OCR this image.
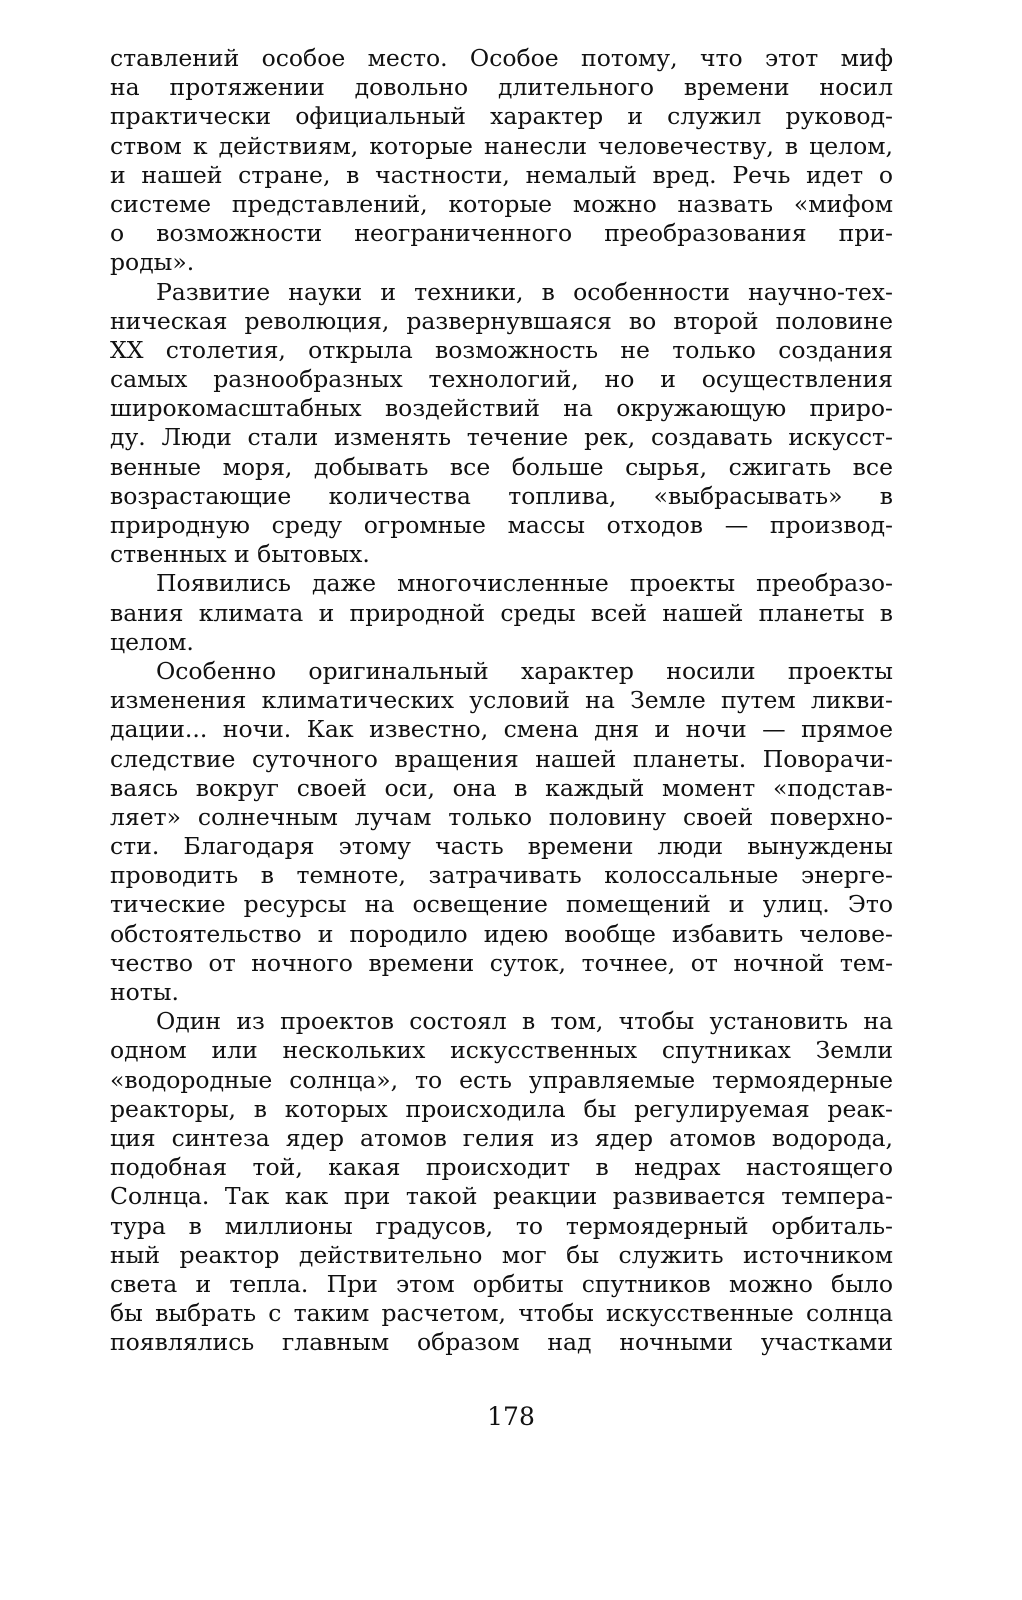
ставлений особое место. Особое потому, что этот миф
на протяжении довольно длительного времени носил
практически официальный характер и служил руковод-
ством к действиям, которые нанесли человечеству, в целом,
и нашей стране, в частности, немалый вред. Речь идет о
системе представлений, которые можно назвать «мифом
о возможности неограниченного преобразования при-
роды».
Развитие науки и техники, в особенности научно-тех-
ническая революция, развернувшаяся во второй половине
XX столетия, открыла возможность не только создания
самых разнообразных технологий, но и осуществления
широкомасштабных воздействий на окружающую приро-
ду. Люди стали изменять течение рек, создавать искусст-
венные моря, добывать все больше сырья, сжигать все
возрастающие количества топлива, «выбрасывать» в
природную среду огромные массы отходов — производ-
ственных и бытовых.
Появились даже многочисленные проекты преобразо-
вания климата и природной среды всей нашей планеты в
целом.
Особенно оригинальный характер носили проекты
изменения климатических условий на Земле путем ликви-
дации... ночи. Как известно, смена дня и ночи — прямое
следствие суточного вращения нашей планеты. Поворачи-
ваясь вокруг своей оси, она в каждый момент «подстав-
ляет» солнечным лучам только половину своей поверхно-
сти. Благодаря этому часть времени люди вынуждены
проводить в темноте, затрачивать колоссальные энерге-
тические ресурсы на освещение помещений и улиц. Это
обстоятельство и породило идею вообще избавить челове-
чество от ночного времени суток, точнее, от ночной тем-
ноты.
Один из проектов состоял в том, чтобы установить на
одном или нескольких искусственных спутниках Земли
«водородные солнца», то есть управляемые термоядерные
реакторы, в которых происходила бы регулируемая реак-
ция синтеза ядер атомов гелия из ядер атомов водорода,
подобная той, какая происходит в недрах настоящего
Солнца. Так как при такой реакции развивается темпера-
тура в миллионы градусов, то термоядерный орбиталь-
ный реактор действительно мог бы служить источником
света и тепла. При этом орбиты спутников можно было
бы выбрать с таким расчетом, чтобы искусственные солнца
появлялись главным образом над ночными участками
178
